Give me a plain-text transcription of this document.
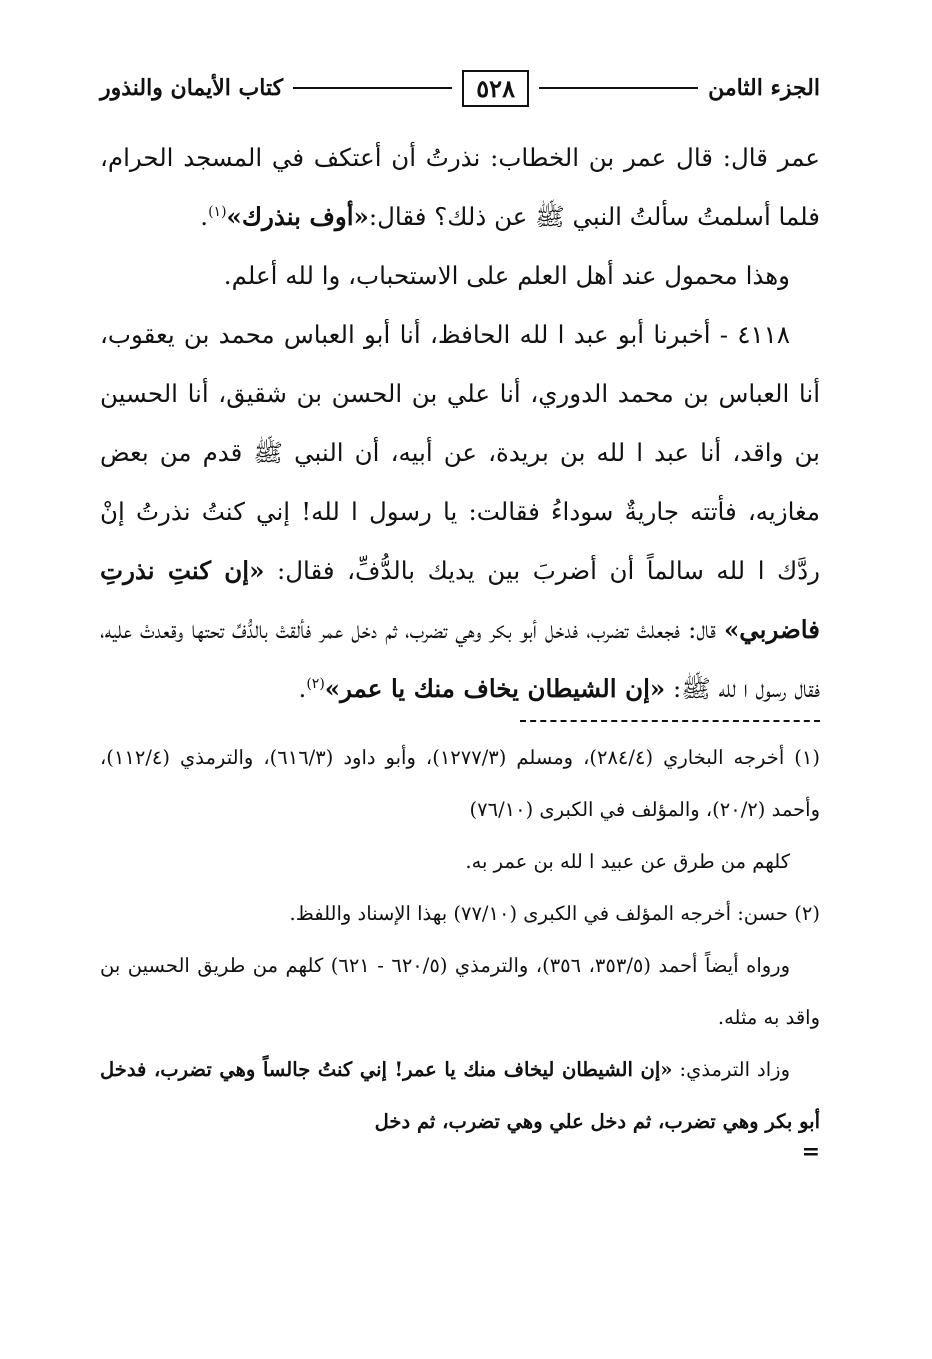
الجزء الثامن
٥٢٨
كتاب الأيمان والنذور

عمر قال: قال عمر بن الخطاب: نذرتُ أن أعتكف في المسجد الحرام، فلما أسلمتُ سألتُ النبي ﷺ عن ذلك؟ فقال:«أوف بنذرك»$^{(١)}$.

وهذا محمول عند أهل العلم على الاستحباب، وا لله أعلم.

٤١١٨ - أخبرنا أبو عبد ا لله الحافظ، أنا أبو العباس محمد بن يعقوب، أنا العباس بن محمد الدوري، أنا علي بن الحسن بن شقيق، أنا الحسين بن واقد، أنا عبد ا لله بن بريدة، عن أبيه، أن النبي ﷺ قدم من بعض مغازيه، فأتته جاريةٌ سوداءُ فقالت: يا رسول ا لله! إني كنتُ نذرتُ إنْ ردَّك ا لله سالماً أن أضربَ بين يديك بالدُّفِّ، فقال: «إن كنتِ نذرتِ فاضربي» قال: فجعلتْ تضرب، فدخل أبو بكر وهي تضرب، ثم دخل عمر فألقتْ بالدُّفِّ تحتها وقعدتْ عليه، فقال رسول ا لله ﷺ: «إن الشيطان يخاف منك يا عمر»$^{(٢)}$.

(١) أخرجه البخاري (٢٨٤/٤)، ومسلم (١٢٧٧/٣)، وأبو داود (٦١٦/٣)، والترمذي (١١٢/٤)، وأحمد (٢٠/٢)، والمؤلف في الكبرى (٧٦/١٠)

كلهم من طرق عن عبيد ا لله بن عمر به.

(٢) حسن: أخرجه المؤلف في الكبرى (٧٧/١٠) بهذا الإسناد واللفظ.

ورواه أيضاً أحمد (٣٥٣/٥، ٣٥٦)، والترمذي (٦٢٠/٥ - ٦٢١) كلهم من طريق الحسين بن واقد به مثله.

وزاد الترمذي: «إن الشيطان ليخاف منك يا عمر! إني كنتُ جالساً وهي تضرب، فدخل أبو بكر وهي تضرب، ثم دخل علي وهي تضرب، ثم دخل

=
